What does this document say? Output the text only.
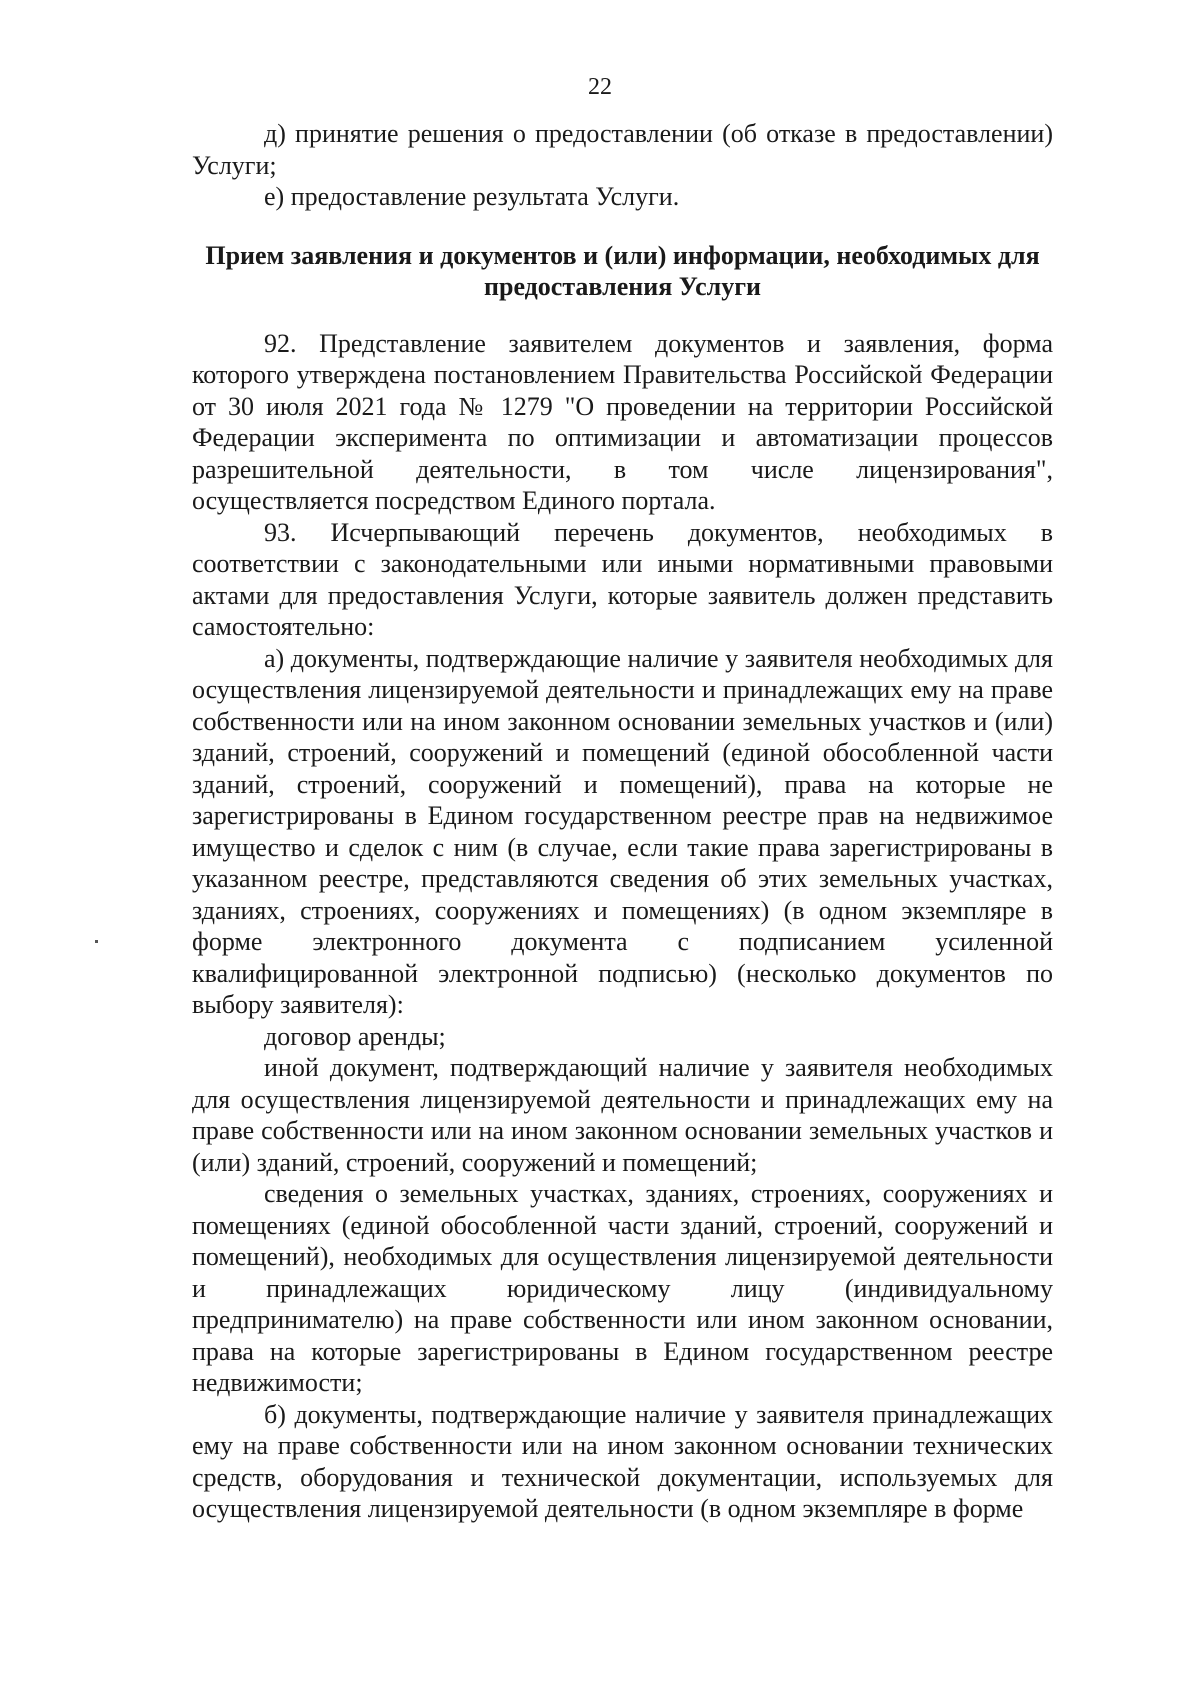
22

д) принятие решения о предоставлении (об отказе в предоставлении) Услуги;

е) предоставление результата Услуги.

Прием заявления и документов и (или) информации, необходимых для предоставления Услуги

92. Представление заявителем документов и заявления, форма которого утверждена постановлением Правительства Российской Федерации от 30 июля 2021 года № 1279 "О проведении на территории Российской Федерации эксперимента по оптимизации и автоматизации процессов разрешительной деятельности, в том числе лицензирования", осуществляется посредством Единого портала.

93. Исчерпывающий перечень документов, необходимых в соответствии с законодательными или иными нормативными правовыми актами для предоставления Услуги, которые заявитель должен представить самостоятельно:

а) документы, подтверждающие наличие у заявителя необходимых для осуществления лицензируемой деятельности и принадлежащих ему на праве собственности или на ином законном основании земельных участков и (или) зданий, строений, сооружений и помещений (единой обособленной части зданий, строений, сооружений и помещений), права на которые не зарегистрированы в Едином государственном реестре прав на недвижимое имущество и сделок с ним (в случае, если такие права зарегистрированы в указанном реестре, представляются сведения об этих земельных участках, зданиях, строениях, сооружениях и помещениях) (в одном экземпляре в форме электронного документа с подписанием усиленной квалифицированной электронной подписью) (несколько документов по выбору заявителя):

договор аренды;

иной документ, подтверждающий наличие у заявителя необходимых для осуществления лицензируемой деятельности и принадлежащих ему на праве собственности или на ином законном основании земельных участков и (или) зданий, строений, сооружений и помещений;

сведения о земельных участках, зданиях, строениях, сооружениях и помещениях (единой обособленной части зданий, строений, сооружений и помещений), необходимых для осуществления лицензируемой деятельности и принадлежащих юридическому лицу (индивидуальному предпринимателю) на праве собственности или ином законном основании, права на которые зарегистрированы в Едином государственном реестре недвижимости;

б) документы, подтверждающие наличие у заявителя принадлежащих ему на праве собственности или на ином законном основании технических средств, оборудования и технической документации, используемых для осуществления лицензируемой деятельности (в одном экземпляре в форме
